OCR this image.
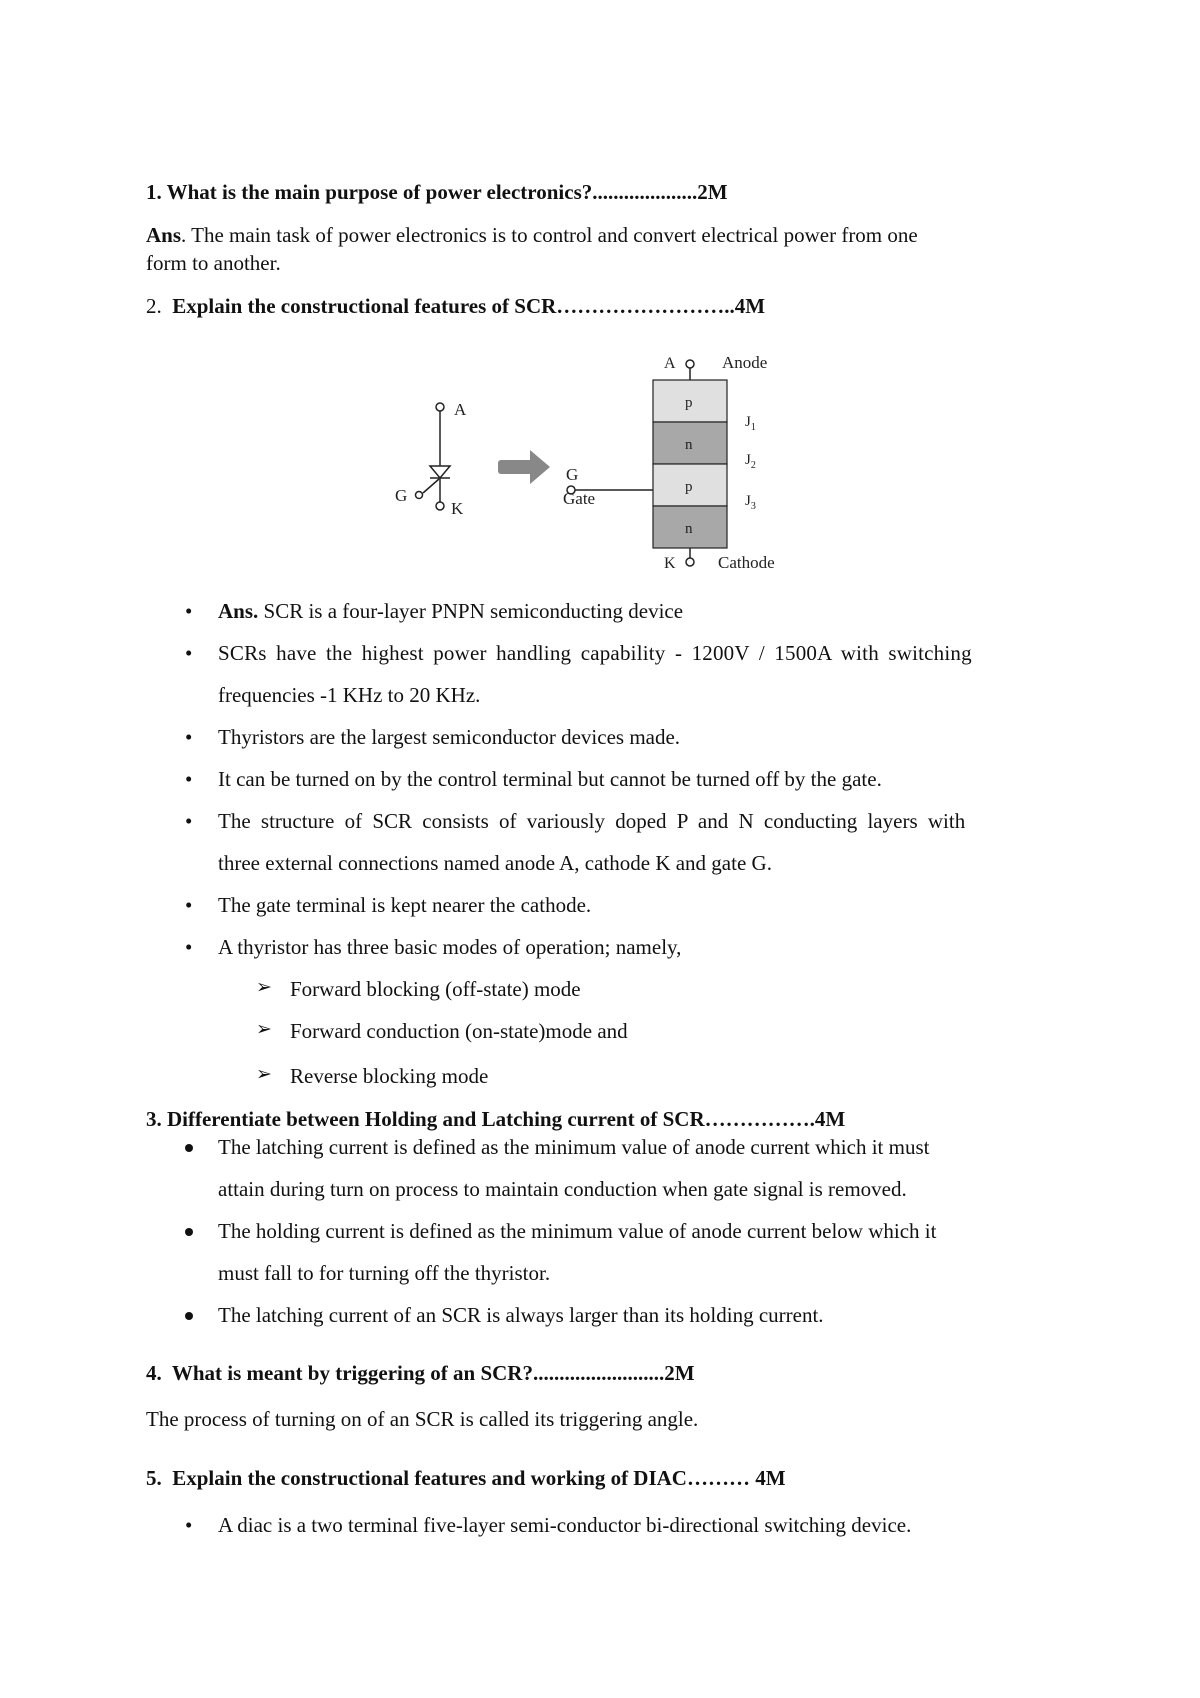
1. What is the main purpose of power electronics?....................2M
Ans. The main task of power electronics is to control and convert electrical power from one
form to another.
2. Explain the constructional features of SCR……………………..4M
A
G
K
G
Gate
A	Anode
p
n
p
n
$J_1$
$J_2$
$J_3$
K Cathode
• Ans. SCR is a four-layer PNPN semiconducting device
• SCRs have the highest power handling capability - 1200V / 1500A with switching
frequencies -1 KHz to 20 KHz.
• Thyristors are the largest semiconductor devices made.
• It can be turned on by the control terminal but cannot be turned off by the gate.
• The structure of SCR consists of variously doped P and N conducting layers with
three external connections named anode A, cathode K and gate G.
• The gate terminal is kept nearer the cathode.
• A thyristor has three basic modes of operation; namely,
➢ Forward blocking (off-state) mode
➢ Forward conduction (on-state)mode and
➢ Reverse blocking mode
3. Differentiate between Holding and Latching current of SCR…………….4M
The latching current is defined as the minimum value of anode current which it must
attain during turn on process to maintain conduction when gate signal is removed.
The holding current is defined as the minimum value of anode current below which it
must fall to for turning off the thyristor.
The latching current of an SCR is always larger than its holding current.
4. What is meant by triggering of an SCR?.........................2M
The process of turning on of an SCR is called its triggering angle.
5. Explain the constructional features and working of DIAC……… 4M
• A diac is a two terminal five-layer semi-conductor bi-directional switching device.
